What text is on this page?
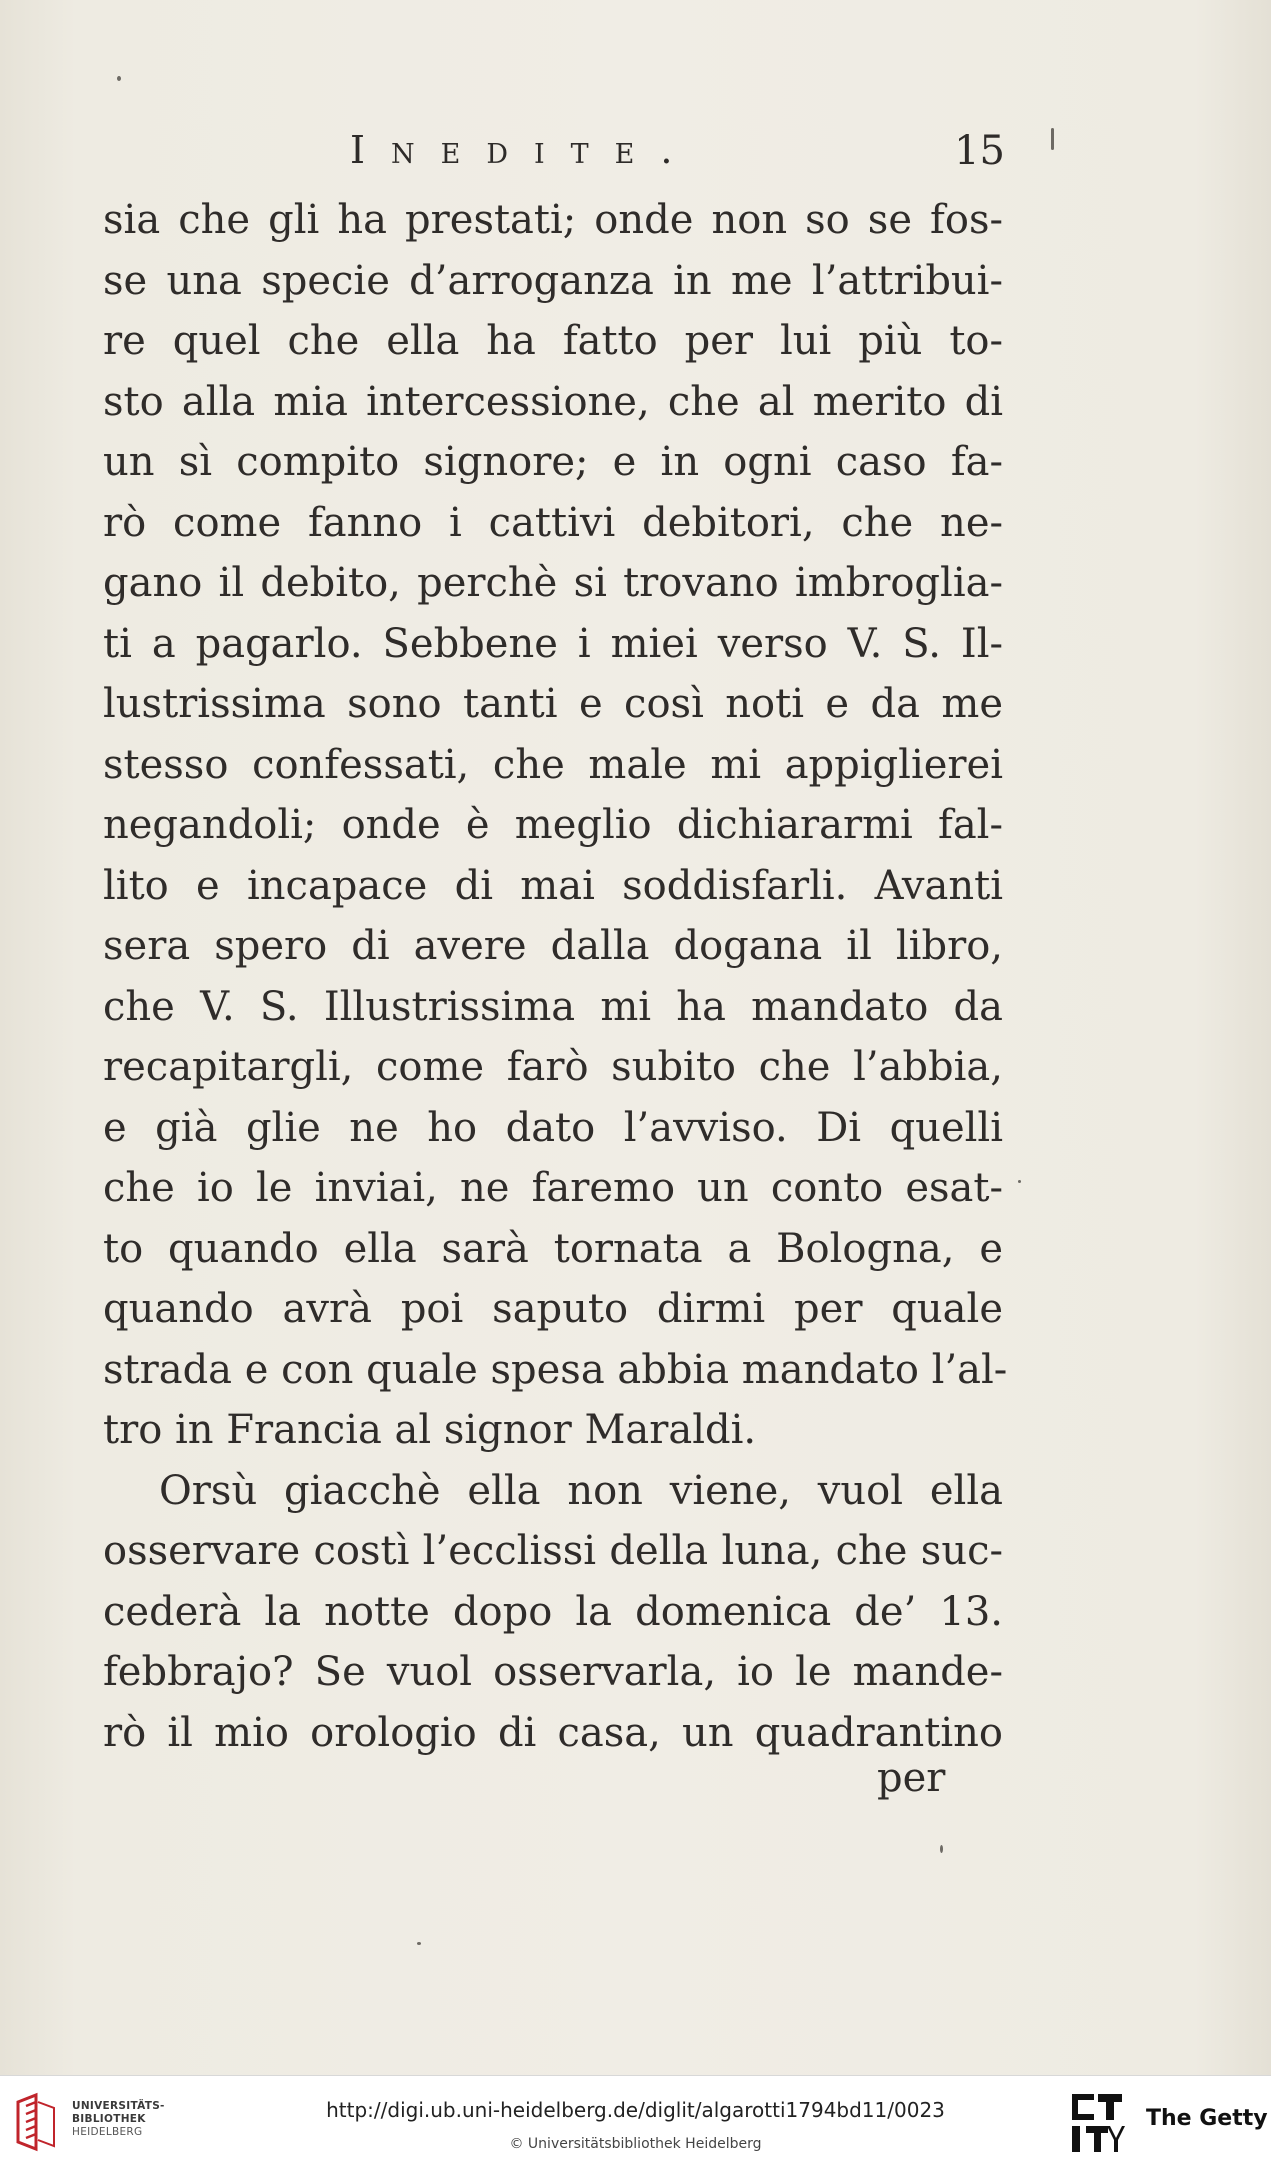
Inedite.	15
sia che gli ha prestati; onde non so se fos-
se una specie d’arroganza in me l’attribui-
re quel che ella ha fatto per lui più to-
sto alla mia intercessione, che al merito di
un sì compito signore; e in ogni caso fa-
rò come fanno i cattivi debitori, che ne-
gano il debito, perchè si trovano imbroglia-
ti a pagarlo. Sebbene i miei verso V. S. Il-
lustrissima sono tanti e così noti e da me
stesso confessati, che male mi appiglierei
negandoli; onde è meglio dichiararmi fal-
lito e incapace di mai soddisfarli. Avanti
sera spero di avere dalla dogana il libro,
che V. S. Illustrissima mi ha mandato da
recapitargli, come farò subito che l’abbia,
e già glie ne ho dato l’avviso. Di quelli
che io le inviai, ne faremo un conto esat-
to quando ella sarà tornata a Bologna, e
quando avrà poi saputo dirmi per quale
strada e con quale spesa abbia mandato l’al-
tro in Francia al signor Maraldi.
Orsù giacchè ella non viene, vuol ella
osservare costì l’ecclissi della luna, che suc-
cederà la notte dopo la domenica de’ 13.
febbrajo? Se vuol osservarla, io le mande-
rò il mio orologio di casa, un quadrantino
per
UNIVERSITÄTS-
BIBLIOTHEK
HEIDELBERG
http://digi.ub.uni-heidelberg.de/diglit/algarotti1794bd11/0023
© Universitätsbibliothek Heidelberg
The Getty
